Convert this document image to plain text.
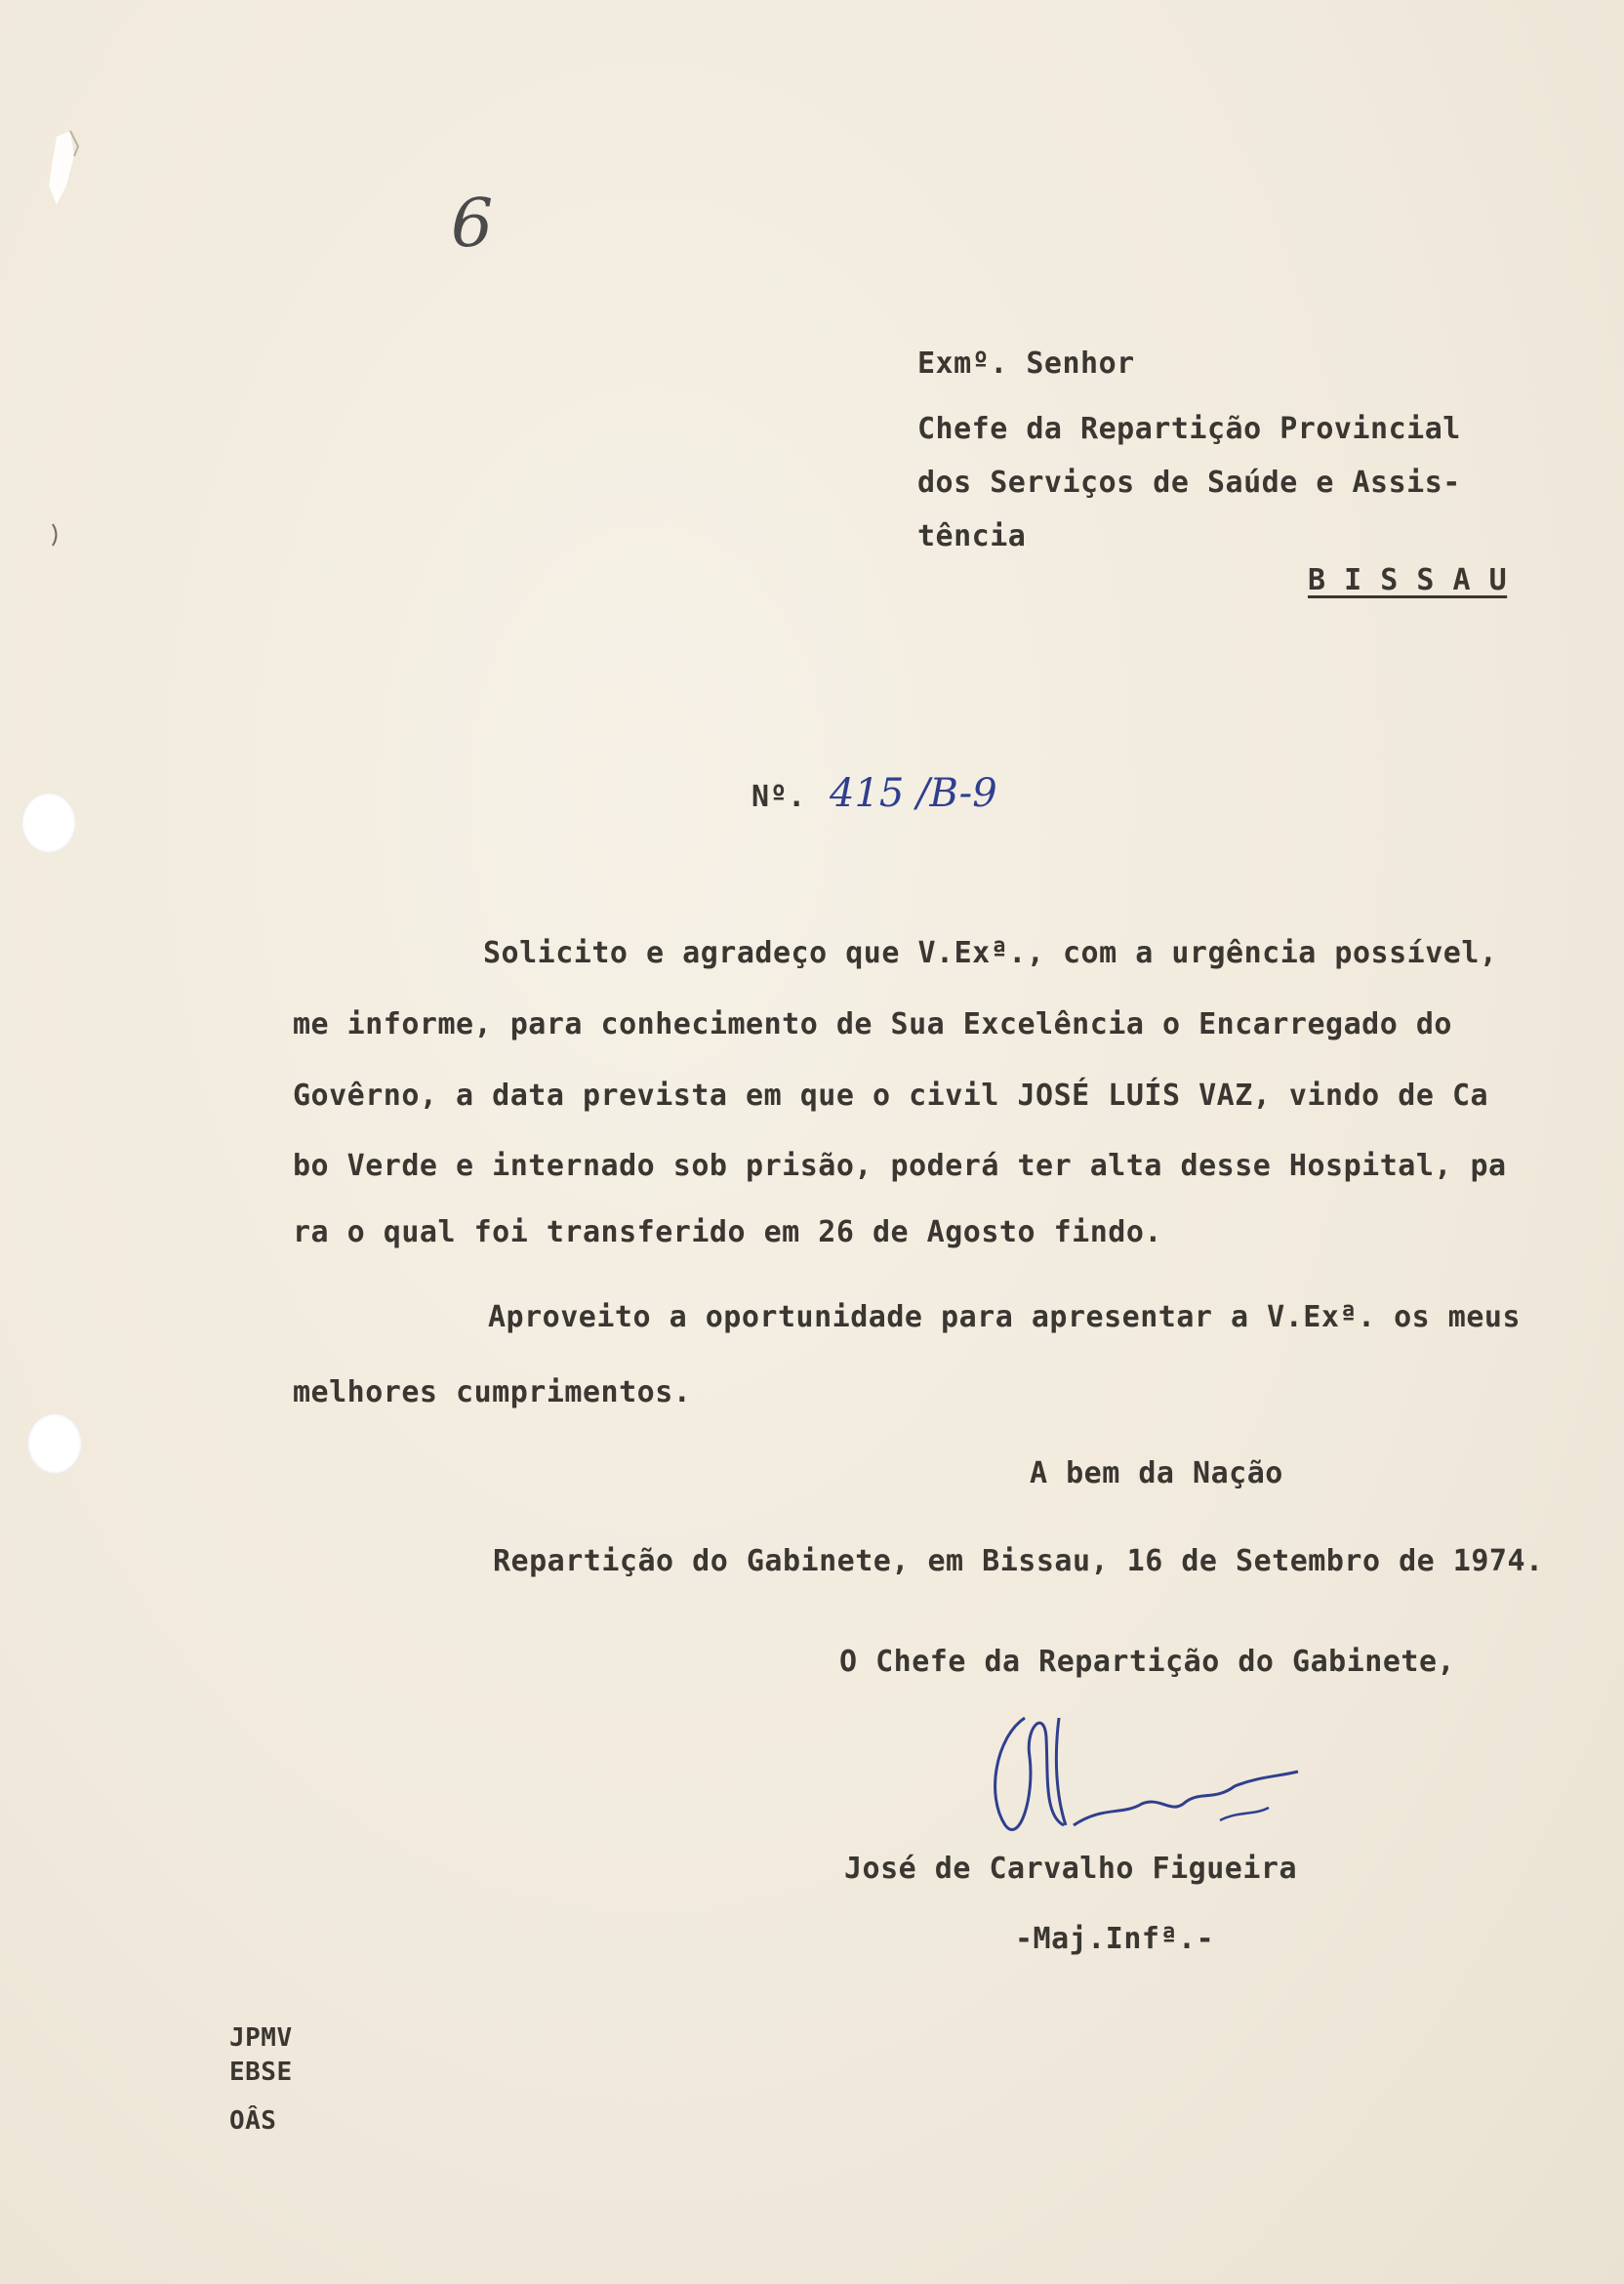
6
Exmº. Senhor
Chefe da Repartição Provincial
dos Serviços de Saúde e Assis-
tência
B I S S A U
Nº. 415 /B-9
Solicito e agradeço que V.Exª., com a urgência possível,
me informe, para conhecimento de Sua Excelência o Encarregado do
Govêrno, a data prevista em que o civil JOSÉ LUÍS VAZ, vindo de Ca
bo Verde e internado sob prisão, poderá ter alta desse Hospital, pa
ra o qual foi transferido em 26 de Agosto findo.
Aproveito a oportunidade para apresentar a V.Exª. os meus
melhores cumprimentos.
A bem da Nação
Repartição do Gabinete, em Bissau, 16 de Setembro de 1974.
O Chefe da Repartição do Gabinete,
José de Carvalho Figueira
-Maj.Infª.-
JPMV
EBSE
OÂS
